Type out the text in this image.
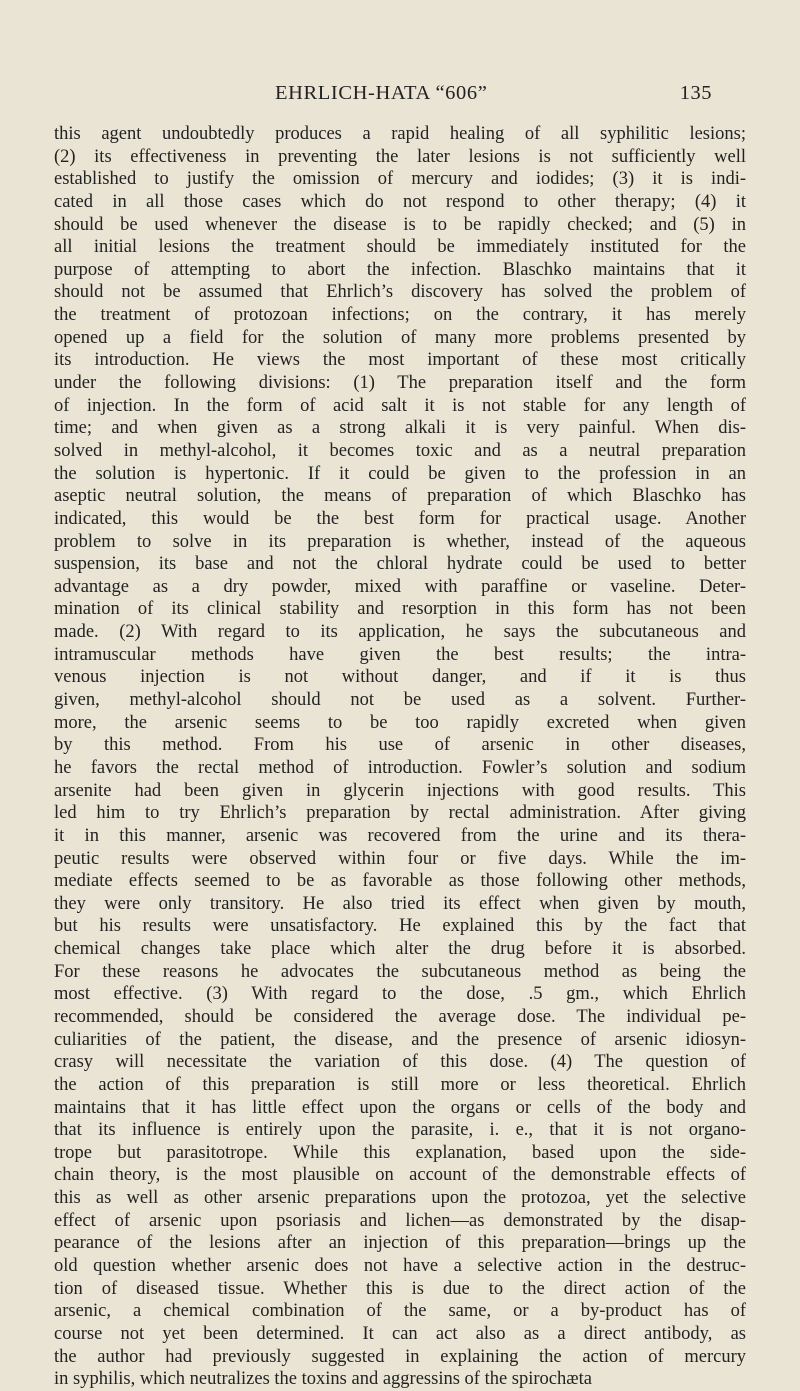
EHRLICH-HATA “606”	135
this agent undoubtedly produces a rapid healing of all syphilitic lesions;
(2) its effectiveness in preventing the later lesions is not sufficiently well
established to justify the omission of mercury and iodides; (3) it is indi-
cated in all those cases which do not respond to other therapy; (4) it
should be used whenever the disease is to be rapidly checked; and (5) in
all initial lesions the treatment should be immediately instituted for the
purpose of attempting to abort the infection. Blaschko maintains that it
should not be assumed that Ehrlich’s discovery has solved the problem of
the treatment of protozoan infections; on the contrary, it has merely
opened up a field for the solution of many more problems presented by
its introduction. He views the most important of these most critically
under the following divisions: (1) The preparation itself and the form
of injection. In the form of acid salt it is not stable for any length of
time; and when given as a strong alkali it is very painful. When dis-
solved in methyl-alcohol, it becomes toxic and as a neutral preparation
the solution is hypertonic. If it could be given to the profession in an
aseptic neutral solution, the means of preparation of which Blaschko has
indicated, this would be the best form for practical usage. Another
problem to solve in its preparation is whether, instead of the aqueous
suspension, its base and not the chloral hydrate could be used to better
advantage as a dry powder, mixed with paraffine or vaseline. Deter-
mination of its clinical stability and resorption in this form has not been
made. (2) With regard to its application, he says the subcutaneous and
intramuscular methods have given the best results; the intra-
venous injection is not without danger, and if it is thus
given, methyl-alcohol should not be used as a solvent. Further-
more, the arsenic seems to be too rapidly excreted when given
by this method. From his use of arsenic in other diseases,
he favors the rectal method of introduction. Fowler’s solution and sodium
arsenite had been given in glycerin injections with good results. This
led him to try Ehrlich’s preparation by rectal administration. After giving
it in this manner, arsenic was recovered from the urine and its thera-
peutic results were observed within four or five days. While the im-
mediate effects seemed to be as favorable as those following other methods,
they were only transitory. He also tried its effect when given by mouth,
but his results were unsatisfactory. He explained this by the fact that
chemical changes take place which alter the drug before it is absorbed.
For these reasons he advocates the subcutaneous method as being the
most effective. (3) With regard to the dose, .5 gm., which Ehrlich
recommended, should be considered the average dose. The individual pe-
culiarities of the patient, the disease, and the presence of arsenic idiosyn-
crasy will necessitate the variation of this dose. (4) The question of
the action of this preparation is still more or less theoretical. Ehrlich
maintains that it has little effect upon the organs or cells of the body and
that its influence is entirely upon the parasite, i. e., that it is not organo-
trope but parasitotrope. While this explanation, based upon the side-
chain theory, is the most plausible on account of the demonstrable effects of
this as well as other arsenic preparations upon the protozoa, yet the selective
effect of arsenic upon psoriasis and lichen—as demonstrated by the disap-
pearance of the lesions after an injection of this preparation—brings up the
old question whether arsenic does not have a selective action in the destruc-
tion of diseased tissue. Whether this is due to the direct action of the
arsenic, a chemical combination of the same, or a by-product has of
course not yet been determined. It can act also as a direct antibody, as
the author had previously suggested in explaining the action of mercury
in syphilis, which neutralizes the toxins and aggressins of the spirochæta
